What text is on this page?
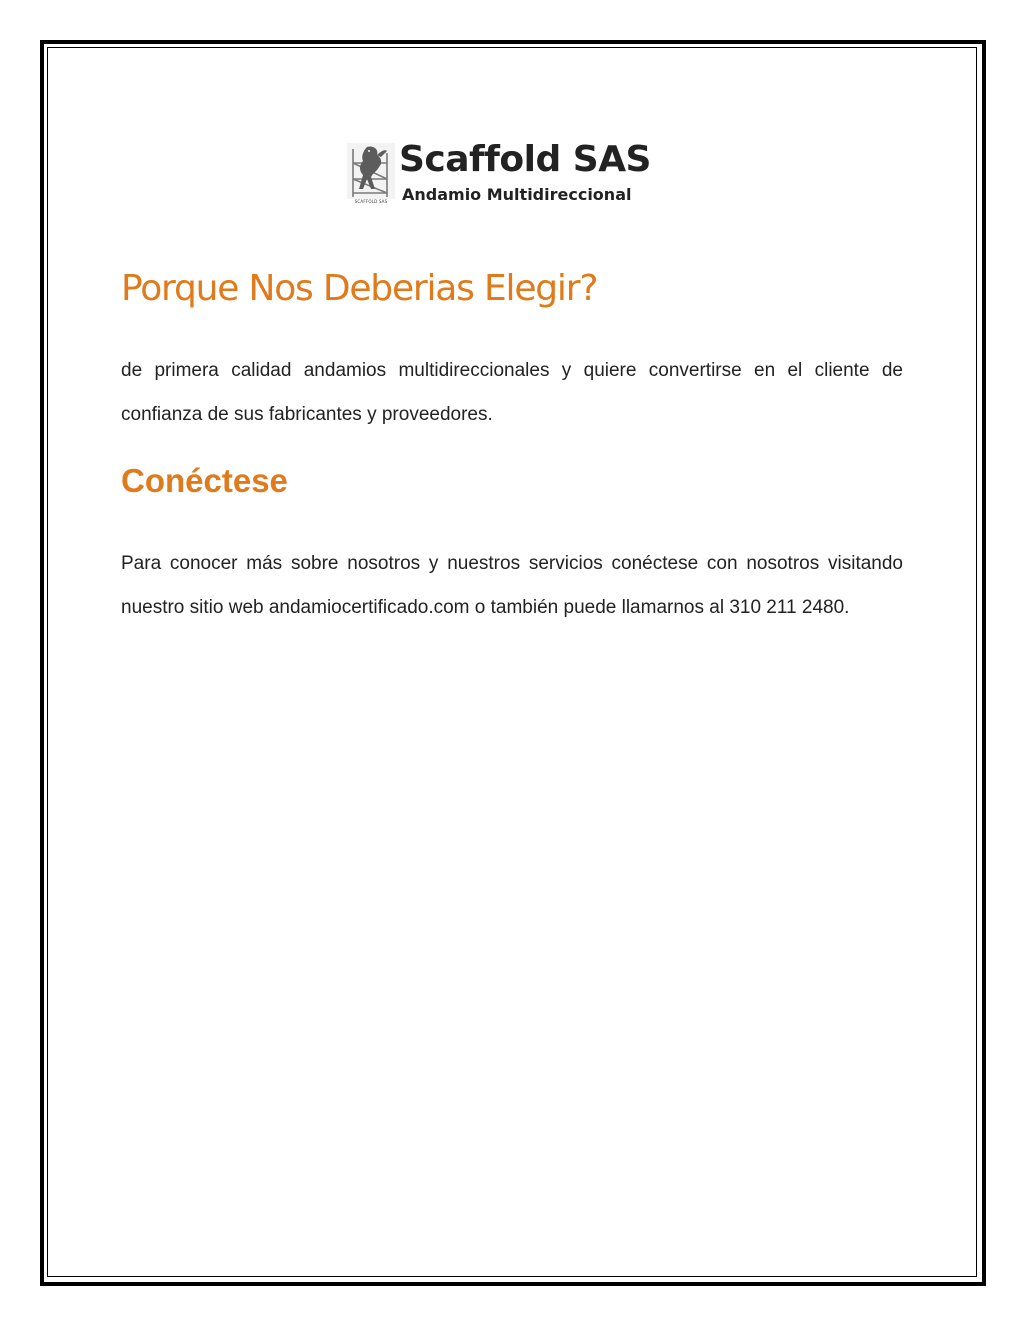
SCAFFOLD SAS
Scaffold SAS
Andamio Multidireccional
Porque Nos Deberias Elegir?

de primera calidad andamios multidireccionales y quiere convertirse en el cliente de confianza de sus fabricantes y proveedores.

Conéctese

Para conocer más sobre nosotros y nuestros servicios conéctese con nosotros visitando nuestro sitio web andamiocertificado.com o también puede llamarnos al 310 211 2480.
